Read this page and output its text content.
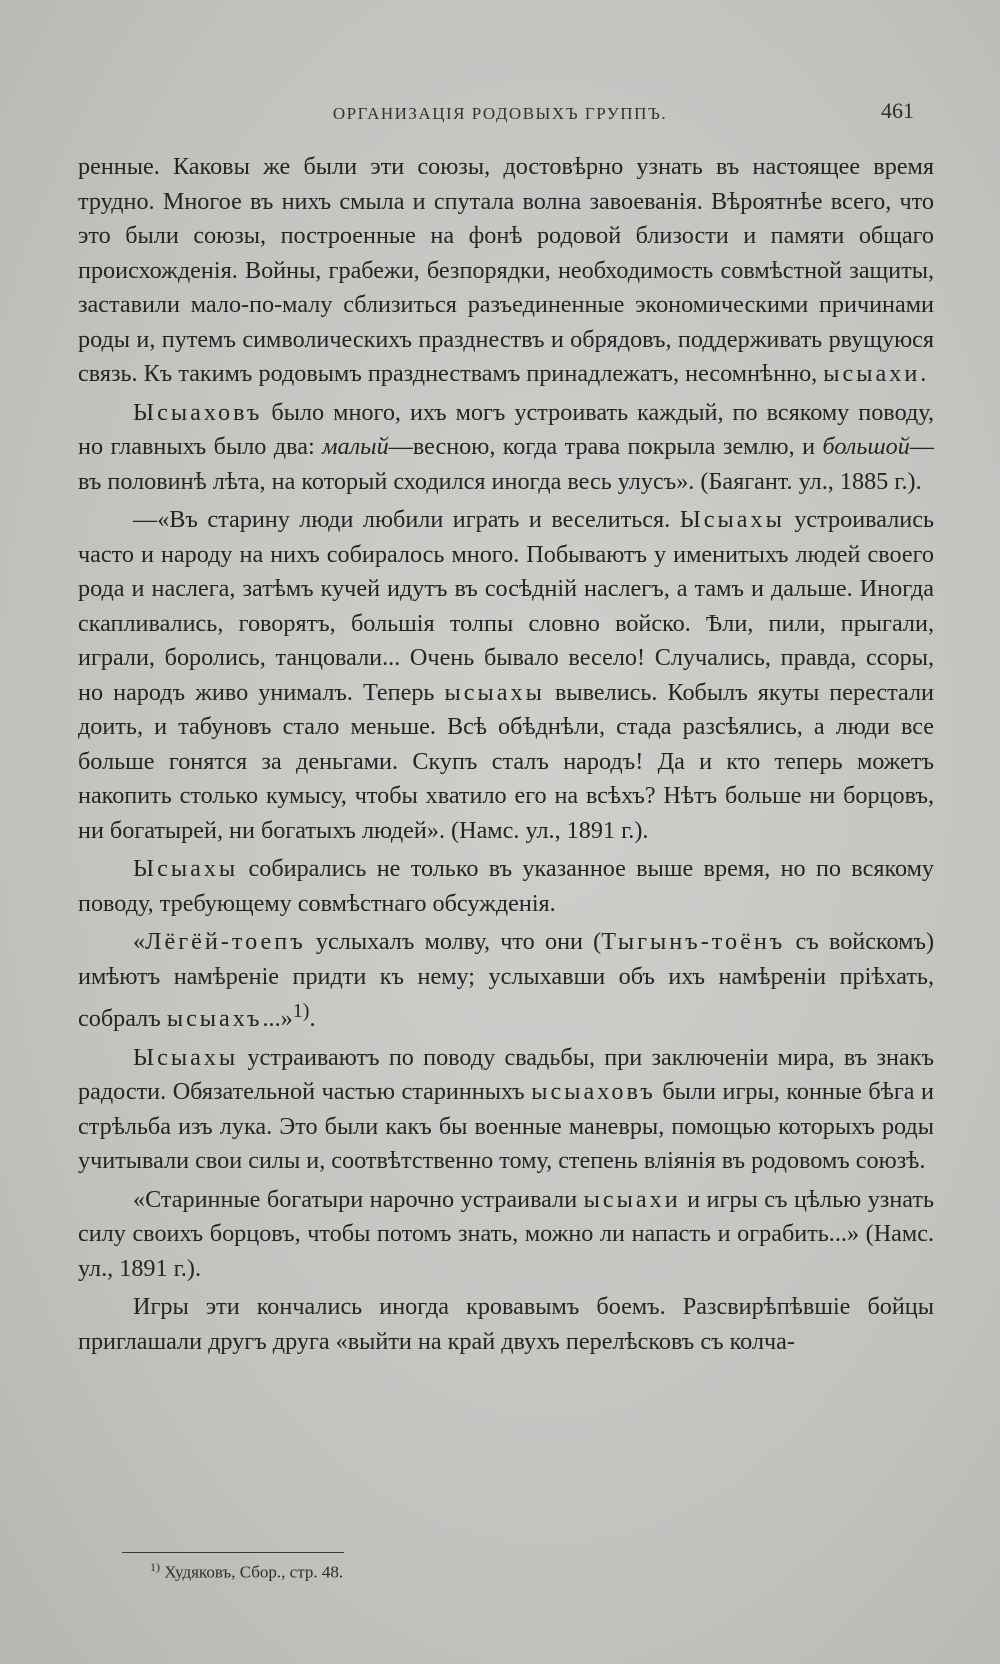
ОРГАНИЗАЦІЯ РОДОВЫХЪ ГРУППЪ.	461

ренные. Каковы же были эти союзы, достовѣрно узнать въ настоящее время трудно. Многое въ нихъ смыла и спутала волна завоеванія. Вѣроятнѣе всего, что это были союзы, построенные на фонѣ родовой близости и памяти общаго происхожденія. Войны, грабежи, безпорядки, необходимость совмѣстной защиты, заставили мало-по-малу сблизиться разъединенные экономическими причинами роды и, путемъ символическихъ празднествъ и обрядовъ, поддерживать рвущуюся связь. Къ такимъ родовымъ празднествамъ принадлежатъ, несомнѣнно, ысыахи.

Ысыаховъ было много, ихъ могъ устроивать каждый, по всякому поводу, но главныхъ было два: малый—весною, когда трава покрыла землю, и большой—въ половинѣ лѣта, на который сходился иногда весь улусъ». (Баягант. ул., 1885 г.).

—«Въ старину люди любили играть и веселиться. Ысыахы устроивались часто и народу на нихъ собиралось много. Побываютъ у именитыхъ людей своего рода и наслега, затѣмъ кучей идутъ въ сосѣдній наслегъ, а тамъ и дальше. Иногда скапливались, говорятъ, большія толпы словно войско. Ѣли, пили, прыгали, играли, боролись, танцовали... Очень бывало весело! Случались, правда, ссоры, но народъ живо унималъ. Теперь ысыахы вывелись. Кобылъ якуты перестали доить, и табуновъ стало меньше. Всѣ обѣднѣли, стада разсѣялись, а люди все больше гонятся за деньгами. Скупъ сталъ народъ! Да и кто теперь можетъ накопить столько кумысу, чтобы хватило его на всѣхъ? Нѣтъ больше ни борцовъ, ни богатырей, ни богатыхъ людей». (Намс. ул., 1891 г.).

Ысыахы собирались не только въ указанное выше время, но по всякому поводу, требующему совмѣстнаго обсужденія.

«Лёгёй-тоепъ услыхалъ молву, что они (Тыгынъ-тоёнъ съ войскомъ) имѣютъ намѣреніе придти къ нему; услыхавши объ ихъ намѣреніи пріѣхать, собралъ ысыахъ...»$^{1)}$.

Ысыахы устраиваютъ по поводу свадьбы, при заключеніи мира, въ знакъ радости. Обязательной частью старинныхъ ысыаховъ были игры, конные бѣга и стрѣльба изъ лука. Это были какъ бы военные маневры, помощью которыхъ роды учитывали свои силы и, соотвѣтственно тому, степень вліянія въ родовомъ союзѣ.

«Старинные богатыри нарочно устраивали ысыахи и игры съ цѣлью узнать силу своихъ борцовъ, чтобы потомъ знать, можно ли напасть и ограбить...» (Намс. ул., 1891 г.).

Игры эти кончались иногда кровавымъ боемъ. Разсвирѣпѣвшіе бойцы приглашали другъ друга «выйти на край двухъ перелѣсковъ съ колча-

$^{1)}$ Худяковъ, Сбор., стр. 48.
